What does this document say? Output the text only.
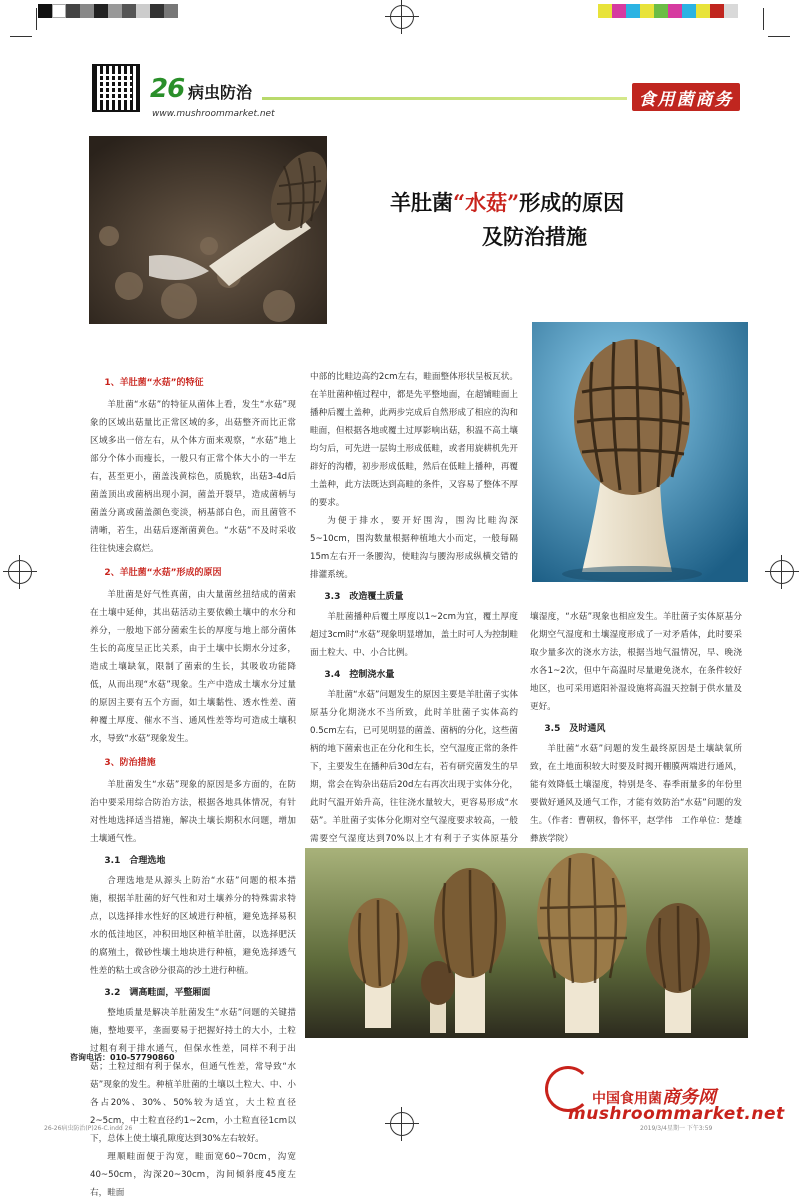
26 病虫防治
www.mushroommarket.net
食用菌商务
羊肚菌“水菇”形成的原因
及防治措施

1、羊肚菌“水菇”的特征

羊肚菌“水菇”的特征从菌体上看，发生“水菇”现象的区域出菇量比正常区域的多，出菇整齐而比正常区域多出一倍左右，从个体方面来观察，“水菇”地上部分个体小而瘦长，一般只有正常个体大小的一半左右，甚至更小，菌盖浅黄棕色，质脆软，出菇3-4d后菌盖顶出或菌柄出现小洞，菌盖开裂早，造成菌柄与菌盖分离或菌盖颜色变淡，柄基部白色，而且菌管不清晰，若生，出菇后逐渐菌黄色。“水菇”不及时采收往往快速会腐烂。

2、羊肚菌“水菇”形成的原因

羊肚菌是好气性真菌，由大量菌丝扭结成的菌索在土壤中延伸，其出菇活动主要依赖土壤中的水分和养分，一般地下部分菌索生长的厚度与地上部分菌体生长的高度呈正比关系，由于土壤中长期水分过多，造成土壤缺氧，限制了菌索的生长，其吸收功能降低，从而出现“水菇”现象。生产中造成土壤水分过量的原因主要有五个方面，如土壤黏性、透水性差、菌种覆土厚度、催水不当、通风性差等均可造成土壤积水，导致“水菇”现象发生。

3、防治措施

羊肚菌发生“水菇”现象的原因是多方面的，在防治中要采用综合防治方法，根据各地具体情况，有针对性地选择适当措施，解决土壤长期积水问题，增加土壤通气性。

3.1　合理选地

合理选地是从源头上防治“水菇”问题的根本措施，根据羊肚菌的好气性和对土壤养分的特殊需求特点，以选择排水性好的区域进行种植，避免选择易积水的低洼地区，冲积田地区种植羊肚菌，以选择肥沃的腐殖土，微砂性壤土地块进行种植，避免选择透气性差的粘土或含砂分很高的沙土进行种植。

3.2　调高畦面，平整厢面

整地质量是解决羊肚菌发生“水菇”问题的关键措施，整地要平，垄面要易于把握好持土的大小，土粒过粗有利于排水通气，但保水性差，同样不利于出菇；土粒过细有利于保水，但通气性差，常导致“水菇”现象的发生。种植羊肚菌的土壤以土粒大、中、小各占20%、30%、50%较为适宜，大土粒直径2~5cm，中土粒直径约1~2cm，小土粒直径1cm以下，总体上使土壤孔隙度达到30%左右较好。

理顺畦面便于沟宽，畦面宽60~70cm，沟宽40~50cm，沟深20~30cm，沟间倾斜度45度左右，畦面

中部的比畦边高约2cm左右，畦面整体形状呈板瓦状。在羊肚菌种植过程中，都是先平整地面，在超铺畦面上播种后覆土盖种，此两步完成后自然形成了相应的沟和畦面，但根据各地或覆土过厚影响出菇，积温不高土壤均匀后，可先进一层钩土形成低畦，或者用旋耕机先开辟好的沟槽，初步形成低畦，然后在低畦上播种，再覆土盖种，此方法既达到高畦的条件，又容易了整体不厚的要求。

为便于排水，要开好围沟，围沟比畦沟深5~10cm，围沟数量根据种植地大小而定，一般每隔15m左右开一条腰沟，使畦沟与腰沟形成纵横交错的排灌系统。

3.3　改造覆土质量

羊肚菌播种后覆土厚度以1~2cm为宜，覆土厚度超过3cm时“水菇”现象明显增加，盖土时可人为控制畦面土粒大、中、小合比例。

3.4　控制浇水量

羊肚菌“水菇”问题发生的原因主要是羊肚菌子实体原基分化期浇水不当所致，此时羊肚菌子实体高约0.5cm左右，已可见明显的菌盖、菌柄的分化，这些菌柄的地下菌索也正在分化和生长，空气湿度正常的条件下，主要发生在播种后30d左右，若有研究菌发生的早期，常会在钩杂出菇后20d左右再次出现于实体分化，此时气温开始升高，往往浇水量较大，更容易形成“水菇”。羊肚菌子实体分化期对空气湿度要求较高，一般需要空气湿度达到70%以上才有利于子实体原基分

壤湿度，“水菇”现象也相应发生。羊肚菌子实体原基分化期空气湿度和土壤湿度形成了一对矛盾体，此时要采取少量多次的浇水方法，根据当地气温情况，早、晚浇水各1~2次，但中午高温时尽量避免浇水，在条件较好地区，也可采用遮阳补湿设施将高温天控制于供水量及更好。

3.5　及时通风

羊肚菌“水菇”问题的发生最终原因是土壤缺氧所致，在土地面积较大时要及时揭开棚膜两端进行通风，能有效降低土壤湿度，特别是冬、春季雨量多的年份里要做好通风及通气工作，才能有效防治“水菇”问题的发生。（作者：曹朝权，鲁怀平，赵学伟　工作单位：楚雄彝族学院）

咨询电话：010-57790860
中国食用菌商务网
mushroommarket.net
26-26病虫防治(P)26-C.indd 26	2019/3/4星期一 下午3:59
